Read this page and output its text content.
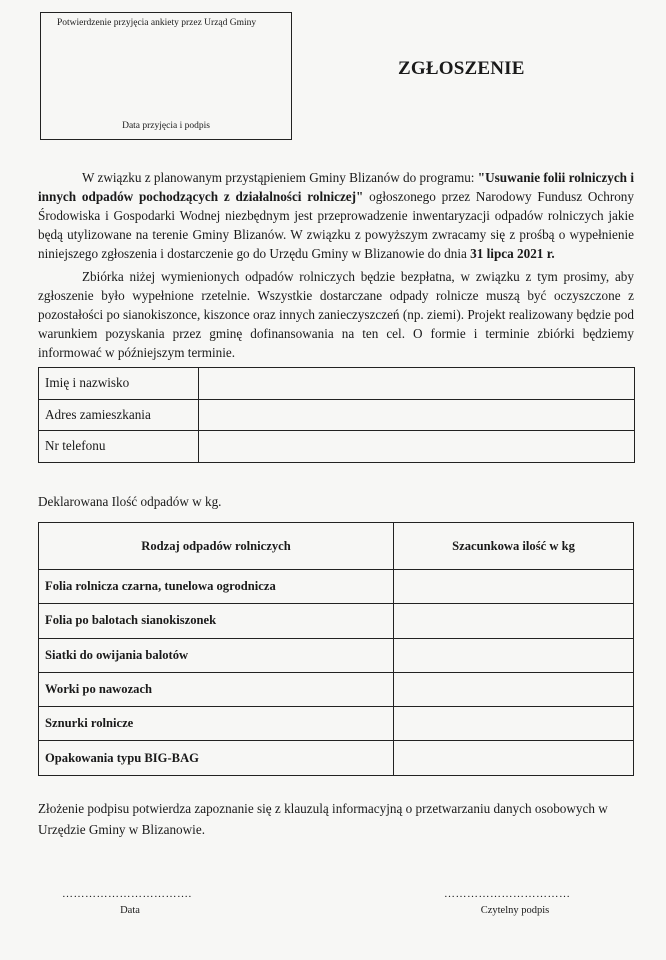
Potwierdzenie przyjęcia ankiety przez Urząd Gminy
Data przyjęcia i podpis
ZGŁOSZENIE
W związku z planowanym przystąpieniem Gminy Blizanów do programu: "Usuwanie folii rolniczych i innych odpadów pochodzących z działalności rolniczej" ogłoszonego przez Narodowy Fundusz Ochrony Środowiska i Gospodarki Wodnej niezbędnym jest przeprowadzenie inwentaryzacji odpadów rolniczych jakie będą utylizowane na terenie Gminy Blizanów. W związku z powyższym zwracamy się z prośbą o wypełnienie niniejszego zgłoszenia i dostarczenie go do Urzędu Gminy w Blizanowie do dnia 31 lipca 2021 r.
Zbiórka niżej wymienionych odpadów rolniczych będzie bezpłatna, w związku z tym prosimy, aby zgłoszenie było wypełnione rzetelnie. Wszystkie dostarczane odpady rolnicze muszą być oczyszczone z pozostałości po sianokiszonce, kiszonce oraz innych zanieczyszczeń (np. ziemi). Projekt realizowany będzie pod warunkiem pozyskania przez gminę dofinansowania na ten cel. O formie i terminie zbiórki będziemy informować w późniejszym terminie.
Imię i nazwisko	
Adres zamieszkania	
Nr telefonu	
Deklarowana Ilość odpadów w kg.
Rodzaj odpadów rolniczych	Szacunkowa ilość w kg
Folia rolnicza czarna, tunelowa ogrodnicza	
Folia po balotach sianokiszonek	
Siatki do owijania balotów	
Worki po nawozach	
Sznurki rolnicze	
Opakowania typu BIG-BAG	
Złożenie podpisu potwierdza zapoznanie się z klauzulą informacyjną o przetwarzaniu danych osobowych w Urzędzie Gminy w Blizanowie.
…………………………….
Data
……………………………
Czytelny podpis
